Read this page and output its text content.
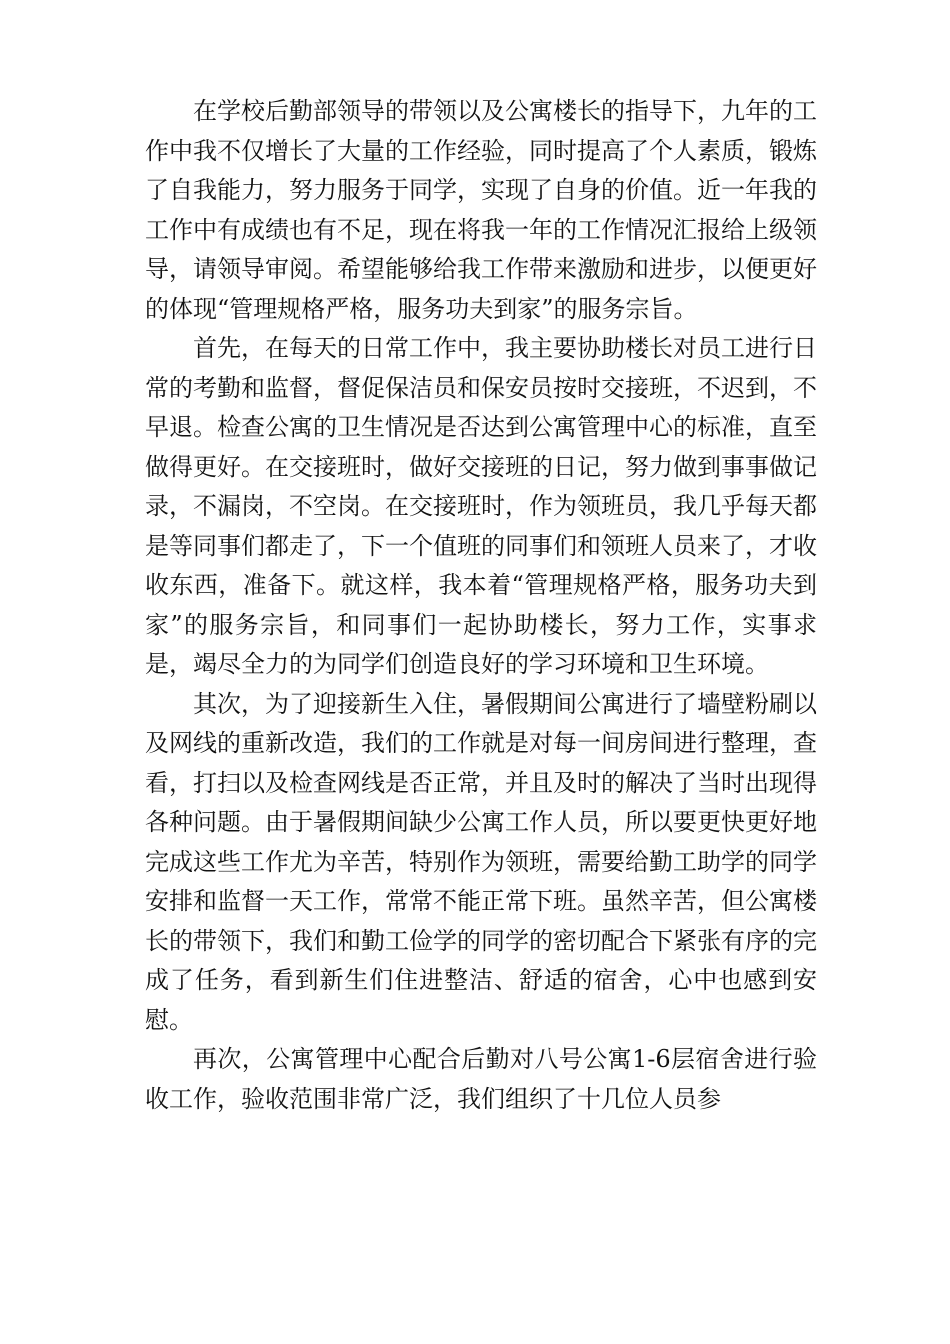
在学校后勤部领导的带领以及公寓楼长的指导下，九年的工作中我不仅增长了大量的工作经验，同时提高了个人素质，锻炼了自我能力，努力服务于同学，实现了自身的价值。近一年我的工作中有成绩也有不足，现在将我一年的工作情况汇报给上级领导，请领导审阅。希望能够给我工作带来激励和进步，以便更好的体现“管理规格严格，服务功夫到家”的服务宗旨。

首先，在每天的日常工作中，我主要协助楼长对员工进行日常的考勤和监督，督促保洁员和保安员按时交接班，不迟到，不早退。检查公寓的卫生情况是否达到公寓管理中心的标准，直至做得更好。在交接班时，做好交接班的日记，努力做到事事做记录，不漏岗，不空岗。在交接班时，作为领班员，我几乎每天都是等同事们都走了，下一个值班的同事们和领班人员来了，才收收东西，准备下。就这样，我本着“管理规格严格，服务功夫到家”的服务宗旨，和同事们一起协助楼长，努力工作，实事求是，竭尽全力的为同学们创造良好的学习环境和卫生环境。

其次，为了迎接新生入住，暑假期间公寓进行了墙壁粉刷以及网线的重新改造，我们的工作就是对每一间房间进行整理，查看，打扫以及检查网线是否正常，并且及时的解决了当时出现得各种问题。由于暑假期间缺少公寓工作人员，所以要更快更好地完成这些工作尤为辛苦，特别作为领班，需要给勤工助学的同学安排和监督一天工作，常常不能正常下班。虽然辛苦，但公寓楼长的带领下，我们和勤工俭学的同学的密切配合下紧张有序的完成了任务，看到新生们住进整洁、舒适的宿舍，心中也感到安慰。

再次，公寓管理中心配合后勤对八号公寓1-6层宿舍进行验收工作，验收范围非常广泛，我们组织了十几位人员参
